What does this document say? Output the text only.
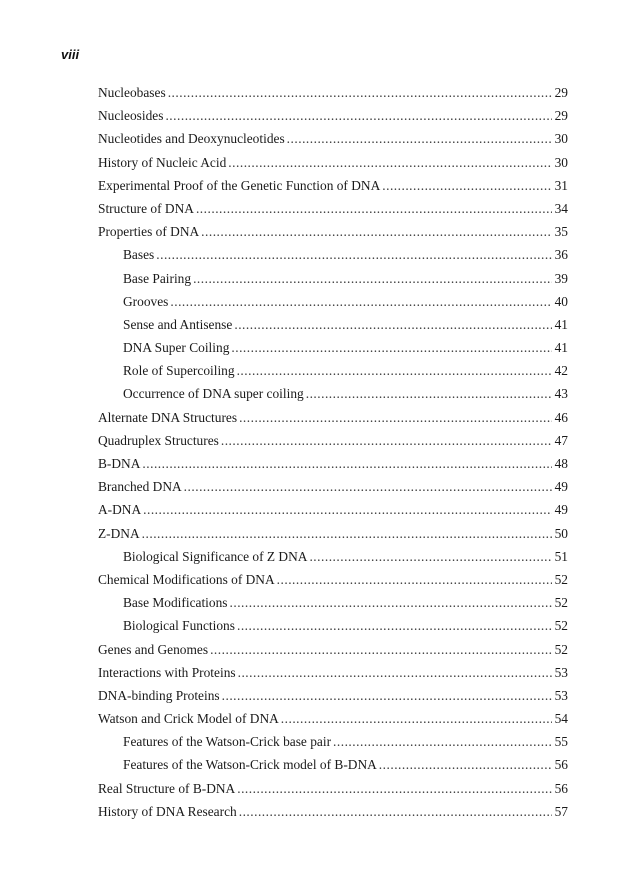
viii
Nucleobases .....	29
Nucleosides .....	29
Nucleotides and Deoxynucleotides .....	30
History of Nucleic Acid .....	30
Experimental Proof of the Genetic Function of DNA .....	31
Structure of DNA .....	34
Properties of DNA .....	35
Bases .....	36
Base Pairing .....	39
Grooves .....	40
Sense and Antisense .....	41
DNA Super Coiling .....	41
Role of Supercoiling .....	42
Occurrence of DNA super coiling .....	43
Alternate DNA Structures .....	46
Quadruplex Structures .....	47
B-DNA .....	48
Branched DNA .....	49
A-DNA .....	49
Z-DNA .....	50
Biological Significance of Z DNA .....	51
Chemical Modifications of DNA .....	52
Base Modifications .....	52
Biological Functions .....	52
Genes and Genomes .....	52
Interactions with Proteins .....	53
DNA-binding Proteins .....	53
Watson and Crick Model of DNA .....	54
Features of the Watson-Crick base pair .....	55
Features of the Watson-Crick model of B-DNA .....	56
Real Structure of B-DNA .....	56
History of DNA Research .....	57
